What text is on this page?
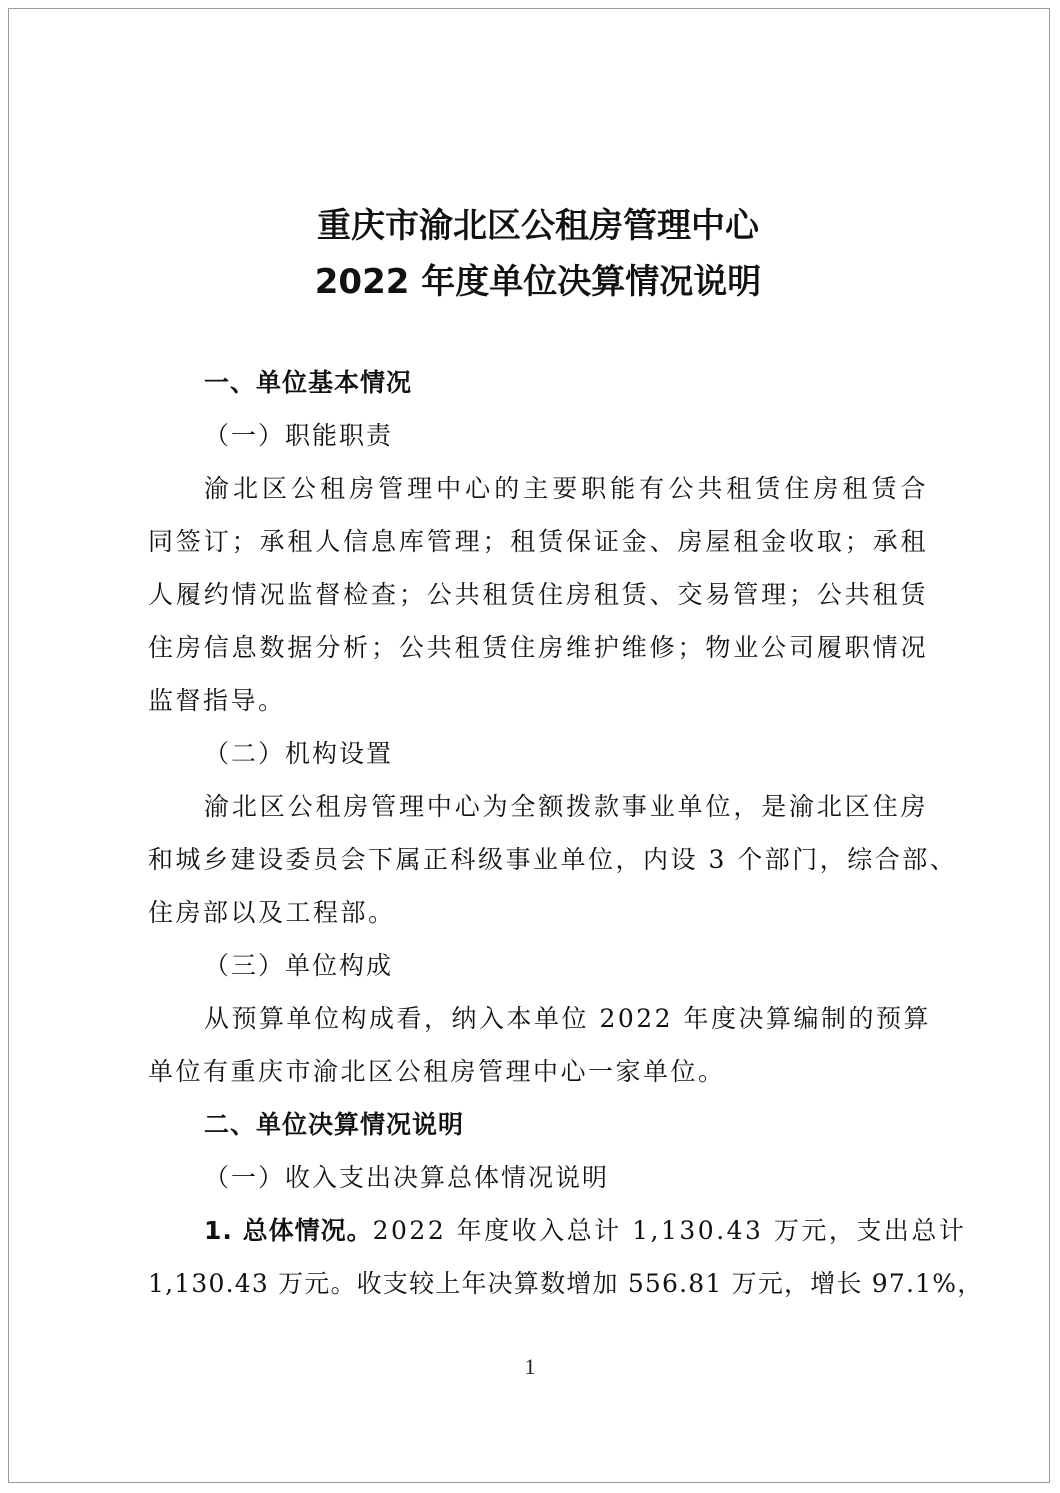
重庆市渝北区公租房管理中心
2022 年度单位决算情况说明
一、单位基本情况
（一）职能职责
渝北区公租房管理中心的主要职能有公共租赁住房租赁合
同签订；承租人信息库管理；租赁保证金、房屋租金收取；承租
人履约情况监督检查；公共租赁住房租赁、交易管理；公共租赁
住房信息数据分析；公共租赁住房维护维修；物业公司履职情况
监督指导。
（二）机构设置
渝北区公租房管理中心为全额拨款事业单位，是渝北区住房
和城乡建设委员会下属正科级事业单位，内设 3 个部门，综合部、
住房部以及工程部。
（三）单位构成
从预算单位构成看，纳入本单位 2022 年度决算编制的预算
单位有重庆市渝北区公租房管理中心一家单位。
二、单位决算情况说明
（一）收入支出决算总体情况说明
1. 总体情况。 2022 年度收入总计 1,130.43 万元，支出总计
1,130.43 万元。收支较上年决算数增加 556.81 万元，增长 97.1%，
1
